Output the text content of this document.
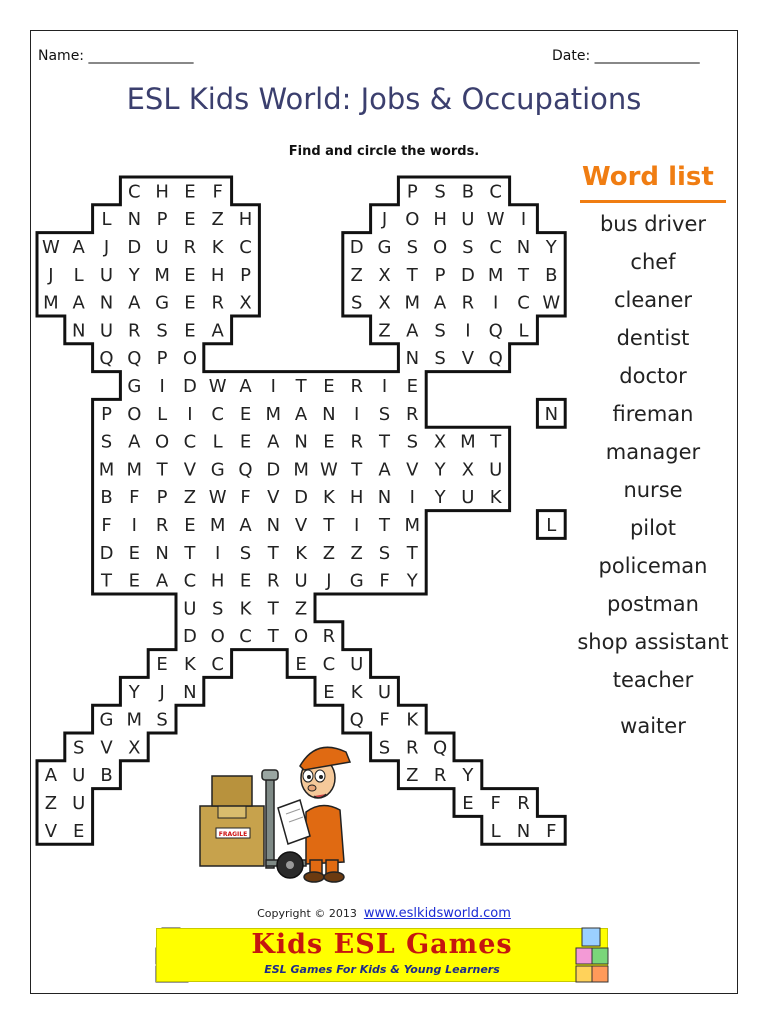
Name: _______________	Date: _______________
ESL Kids World: Jobs & Occupations
Find and circle the words.
C H E F	P S B C
L N P E Z H	J O H U W I
W A J D U R K C	D G S O S C N Y
J L U Y M E H P	Z X T P D M T B
M A N A G E R X	S X M A R I C W
N U R S E A	Z A S I Q L
Q Q P O	N S V Q
G I D W A I T E R I E
P O L I C E M A N I S R	N
S A O C L E A N E R T S X M T
M M T V G Q D M W T A V Y X U
B F P Z W F V D K H N I Y U K
F I R E M A N V T I T M	L
D E N T I S T K Z Z S T
T E A C H E R U J G F Y
U S K T Z
D O C T O R
E K C	E C U
Y J N	E K U
G M S	Q F K
S V X	S R Q
A U B	Z R Y
Z U	E F R
V E	L N F
FRAGILE
Word list
bus driver
chef
cleaner
dentist
doctor
fireman
manager
nurse
pilot
policeman
postman
shop assistant
teacher
waiter
Copyright © 2013 www.eslkidsworld.com
Kids ESL Games
ESL Games For Kids & Young Learners
